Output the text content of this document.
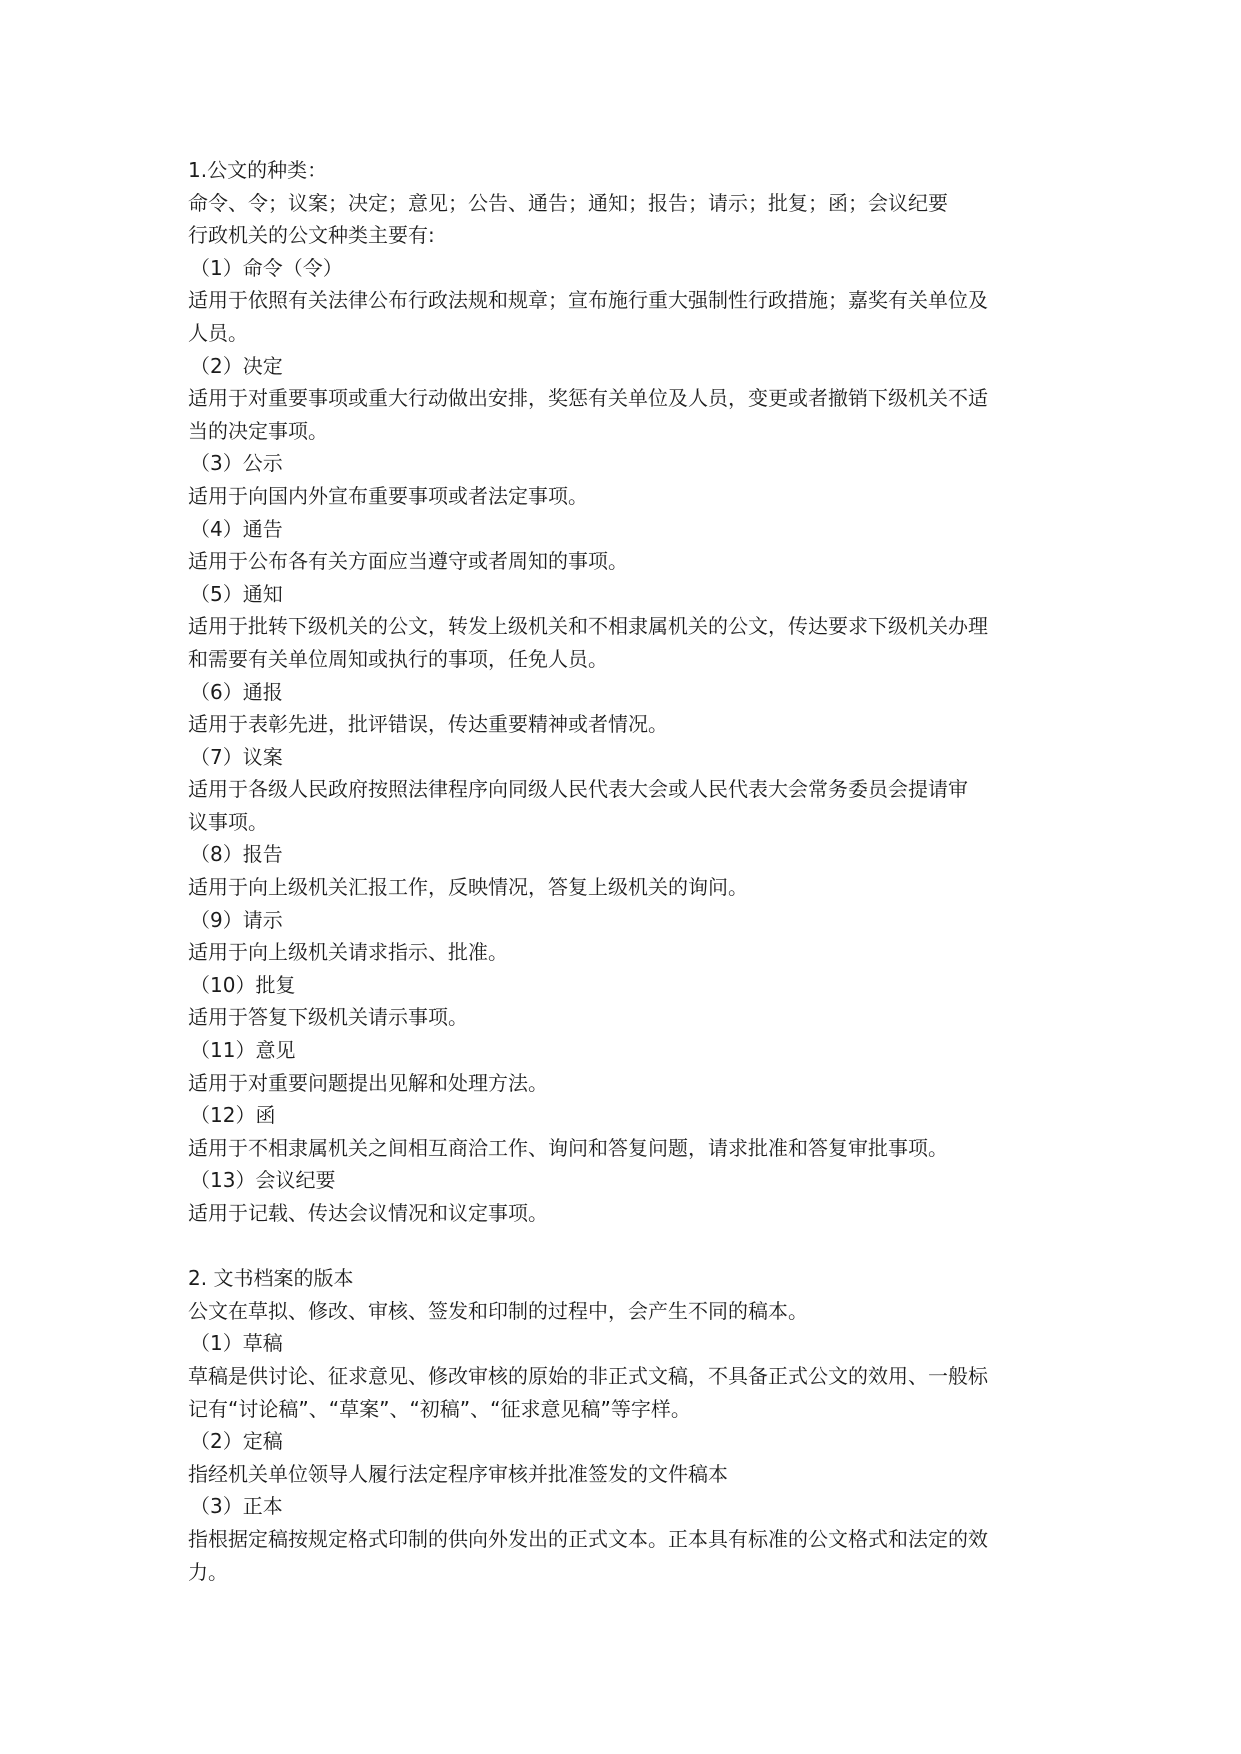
1.公文的种类：
命令、令；议案；决定；意见；公告、通告；通知；报告；请示；批复；函；会议纪要
行政机关的公文种类主要有:
（1）命令（令）
适用于依照有关法律公布行政法规和规章；宣布施行重大强制性行政措施；嘉奖有关单位及
人员。
（2）决定
适用于对重要事项或重大行动做出安排，奖惩有关单位及人员，变更或者撤销下级机关不适
当的决定事项。
（3）公示
适用于向国内外宣布重要事项或者法定事项。
（4）通告
适用于公布各有关方面应当遵守或者周知的事项。
（5）通知
适用于批转下级机关的公文，转发上级机关和不相隶属机关的公文，传达要求下级机关办理
和需要有关单位周知或执行的事项，任免人员。
（6）通报
适用于表彰先进，批评错误，传达重要精神或者情况。
（7）议案
适用于各级人民政府按照法律程序向同级人民代表大会或人民代表大会常务委员会提请审
议事项。
（8）报告
适用于向上级机关汇报工作，反映情况，答复上级机关的询问。
（9）请示
适用于向上级机关请求指示、批准。
（10）批复
适用于答复下级机关请示事项。
（11）意见
适用于对重要问题提出见解和处理方法。
（12）函
适用于不相隶属机关之间相互商洽工作、询问和答复问题，请求批准和答复审批事项。
（13）会议纪要
适用于记载、传达会议情况和议定事项。
2. 文书档案的版本
公文在草拟、修改、审核、签发和印制的过程中，会产生不同的稿本。
（1）草稿
草稿是供讨论、征求意见、修改审核的原始的非正式文稿，不具备正式公文的效用、一般标
记有“讨论稿”、“草案”、“初稿”、“征求意见稿”等字样。
（2）定稿
指经机关单位领导人履行法定程序审核并批准签发的文件稿本
（3）正本
指根据定稿按规定格式印制的供向外发出的正式文本。正本具有标准的公文格式和法定的效
力。
